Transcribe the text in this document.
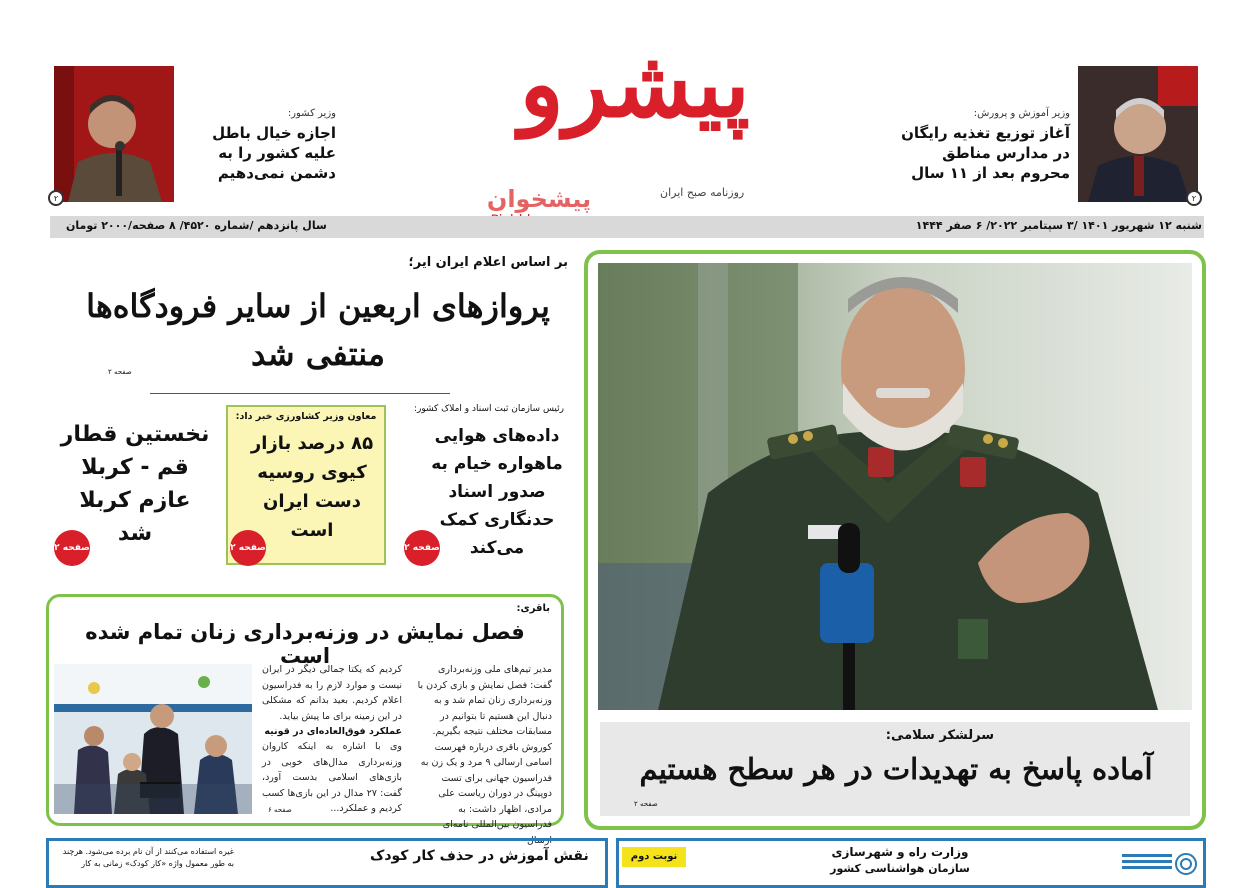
۲
وزیر آموزش و پرورش:
آغاز توزیع تغذیه رایگان در مدارس مناطق محروم بعد از ۱۱ سال
پیشرو
روزنامه صبح ایران
پیشخوان
۲
وزیر کشور:
اجازه خیال باطل علیه کشور را به دشمن نمی‌دهیم
شنبه ۱۲ شهریور ۱۴۰۱ /۳ سپتامبر ۲۰۲۲/ ۶ صفر ۱۴۴۴
سال پانزدهم /شماره ۴۵۲۰/ ۸ صفحه/۲۰۰۰ تومان
بر اساس اعلام ایران ایر؛
پروازهای اربعین از سایر فرودگاه‌ها منتفی شد
صفحه ۲
رئیس سازمان ثبت اسناد و املاک کشور:
داده‌های هوایی ماهواره خیام به صدور اسناد حدنگاری کمک می‌کند
صفحه ۲
معاون وزیر کشاورزی خبر داد:
۸۵ درصد بازار کیوی روسیه دست ایران است
صفحه ۲
نخستین قطار قم - کربلا عازم کربلا شد
صفحه ۲
باقری:
فصل نمایش در وزنه‌برداری زنان تمام شده است
مدیر تیم‌های ملی وزنه‌برداری گفت: فصل نمایش و بازی کردن با وزنه‌برداری زنان تمام شد و به دنبال این هستیم تا بتوانیم در مسابقات مختلف نتیجه بگیریم. کوروش باقری درباره فهرست اسامی ارسالی ۹ مرد و یک زن به فدراسیون جهانی برای تست دوپینگ در دوران ریاست علی مرادی، اظهار داشت: به فدراسیون بین‌المللی نامه‌ای ارسال
کردیم که یکتا جمالی دیگر در ایران نیست و موارد لازم را به فدراسیون اعلام کردیم. بعید بدانم که مشکلی در این زمینه برای ما پیش بیاید.
عملکرد فوق‌العاده‌ای در قونیه
وی با اشاره به اینکه کاروان وزنه‌برداری مدال‌های خوبی در بازی‌های اسلامی بدست آورد، گفت: ۲۷ مدال در این بازی‌ها کسب کردیم و عملکرد...
صفحه ۶
سرلشکر سلامی:
آماده پاسخ به تهدیدات در هر سطح هستیم
صفحه ۲
غیره استفاده می‌کنند از آن نام برده می‌شود. هرچند به طور معمول واژه «کار کودک» زمانی به کار	نقش آموزش در حذف کار کودک	نوبت دوم	وزارت راه و شهرسازی
سازمان هواشناسی کشور
